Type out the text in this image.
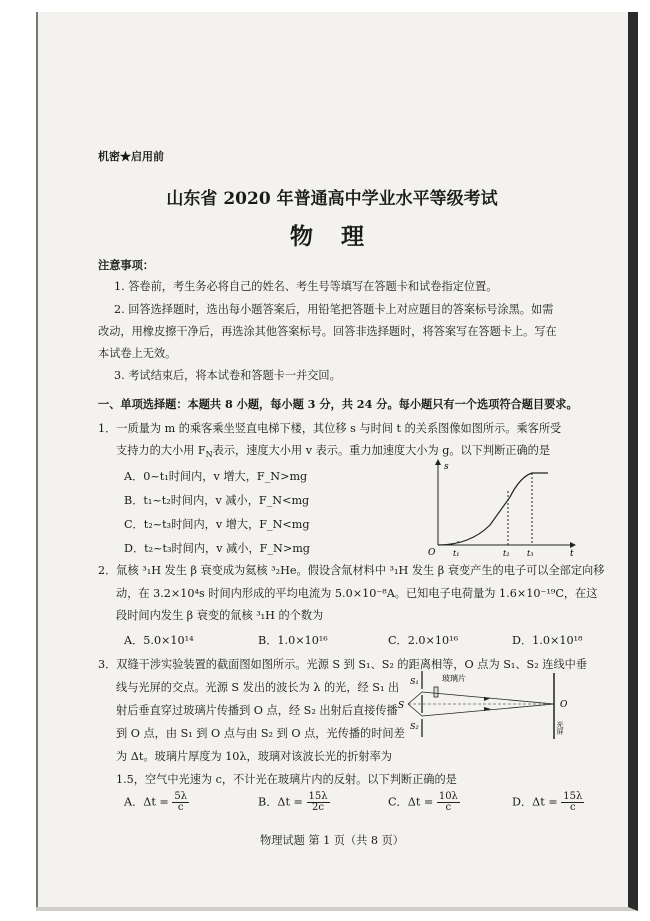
机密★启用前
山东省 2020 年普通高中学业水平等级考试
物 理
注意事项：
1. 答卷前，考生务必将自己的姓名、考生号等填写在答题卡和试卷指定位置。
2. 回答选择题时，选出每小题答案后，用铅笔把答题卡上对应题目的答案标号涂黑。如需
改动，用橡皮擦干净后，再选涂其他答案标号。回答非选择题时，将答案写在答题卡上。写在
本试卷上无效。
3. 考试结束后，将本试卷和答题卡一并交回。
一、单项选择题：本题共 8 小题，每小题 3 分，共 24 分。每小题只有一个选项符合题目要求。
1．一质量为 m 的乘客乘坐竖直电梯下楼，其位移 s 与时间 t 的关系图像如图所示。乘客所受
支持力的大小用 $F_N$表示，速度大小用 v 表示。重力加速度大小为 g。以下判断正确的是
A．0~t₁时间内，v 增大，F_N>mg
B．t₁~t₂时间内，v 减小，F_N<mg
C．t₂~t₃时间内，v 增大，F_N<mg
D．t₂~t₃时间内，v 减小，F_N>mg
s
t
O t₁	t₂ t₃
2．氚核 ³₁H 发生 β 衰变成为氦核 ³₂He。假设含氚材料中 ³₁H 发生 β 衰变产生的电子可以全部定向移
动，在 3.2×10⁴s 时间内形成的平均电流为 5.0×10⁻⁸A。已知电子电荷量为 1.6×10⁻¹⁹C，在这
段时间内发生 β 衰变的氚核 ³₁H 的个数为
A．5.0×10¹⁴	B．1.0×10¹⁶	C．2.0×10¹⁶	D．1.0×10¹⁸
3．双缝干涉实验装置的截面图如图所示。光源 S 到 S₁、S₂ 的距离相等，O 点为 S₁、S₂ 连线中垂
线与光屏的交点。光源 S 发出的波长为 λ 的光，经 S₁ 出
射后垂直穿过玻璃片传播到 O 点，经 S₂ 出射后直接传播
到 O 点，由 S₁ 到 O 点与由 S₂ 到 O 点，光传播的时间差
为 Δt。玻璃片厚度为 10λ，玻璃对该波长光的折射率为
1.5，空气中光速为 c，不计光在玻璃片内的反射。以下判断正确的是
S
S₁
S₂
玻璃片
O
光屏
A．$\Delta t = \frac{5\lambda}{c}$	B．$\Delta t = \frac{15\lambda}{2c}$	C．$\Delta t = \frac{10\lambda}{c}$	D．$\Delta t = \frac{15\lambda}{c}$
物理试题 第 1 页（共 8 页）
